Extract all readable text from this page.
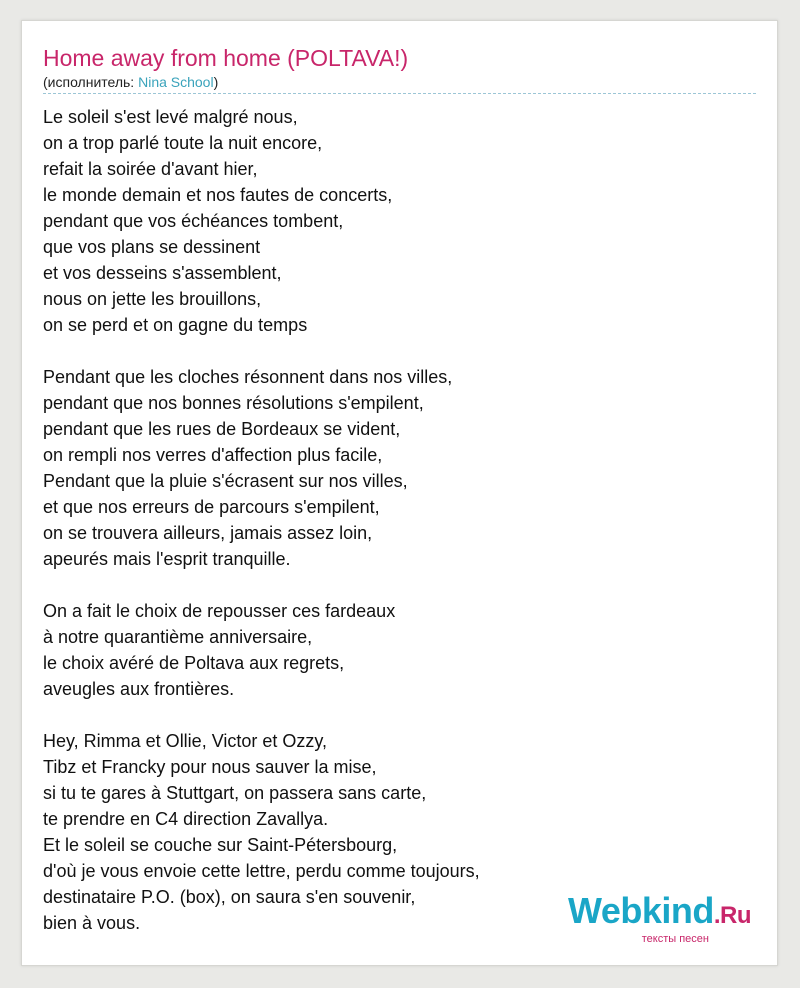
Home away from home (POLTAVA!)
(исполнитель: Nina School)
Le soleil s'est levé malgré nous,
on a trop parlé toute la nuit encore,
refait la soirée d'avant hier,
le monde demain et nos fautes de concerts,
pendant que vos échéances tombent,
que vos plans se dessinent
et vos desseins s'assemblent,
nous on jette les brouillons,
on se perd et on gagne du temps
Pendant que les cloches résonnent dans nos villes,
pendant que nos bonnes résolutions s'empilent,
pendant que les rues de Bordeaux se vident,
on rempli nos verres d'affection plus facile,
Pendant que la pluie s'écrasent sur nos villes,
et que nos erreurs de parcours s'empilent,
on se trouvera ailleurs, jamais assez loin,
apeurés mais l'esprit tranquille.
On a fait le choix de repousser ces fardeaux
à notre quarantième anniversaire,
le choix avéré de Poltava aux regrets,
aveugles aux frontières.
Hey, Rimma et Ollie, Victor et Ozzy,
Tibz et Francky pour nous sauver la mise,
si tu te gares à Stuttgart, on passera sans carte,
te prendre en C4 direction Zavallya.
Et le soleil se couche sur Saint-Pétersbourg,
d'où je vous envoie cette lettre, perdu comme toujours,
destinataire P.O. (box), on saura s'en souvenir,
bien à vous.	Webkind.Ru
тексты песен
